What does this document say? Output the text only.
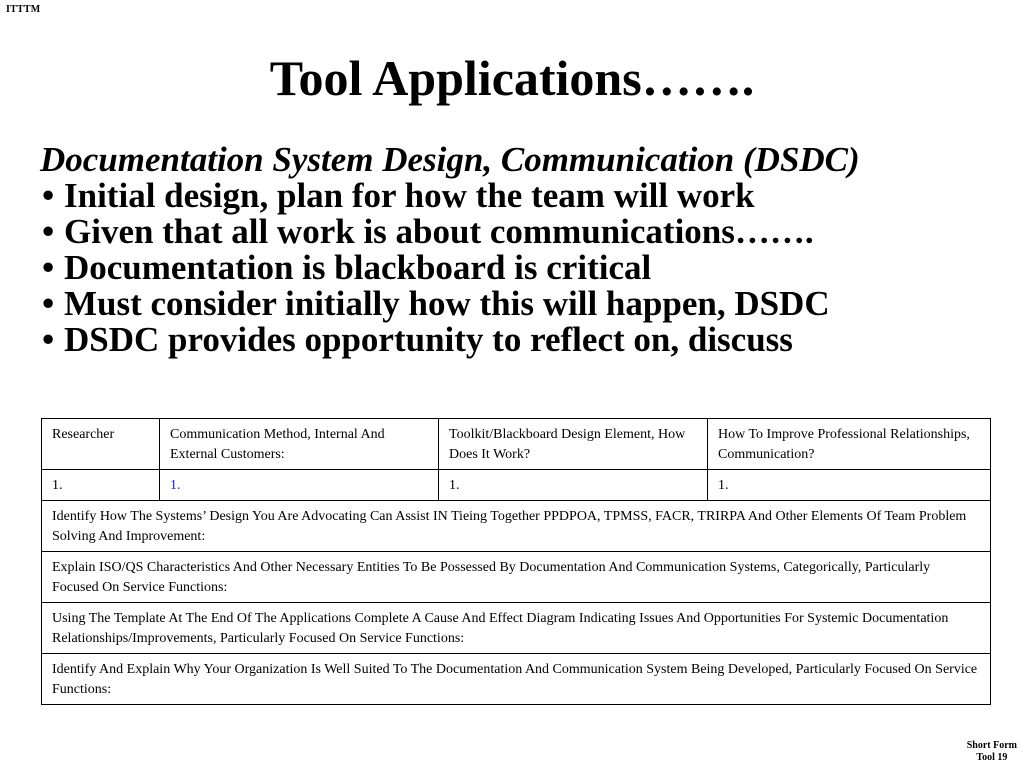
ITTTM
Tool Applications…….
Documentation System Design, Communication (DSDC)
• Initial design, plan for how the team will work
• Given that all work is about communications…….
• Documentation is blackboard is critical
• Must consider initially how this will happen, DSDC
• DSDC provides opportunity to reflect on, discuss
Researcher	Communication Method, Internal And External Customers:	Toolkit/Blackboard Design Element, How Does It Work?	How To Improve Professional Relationships, Communication?
1.	1.	1.	1.
Identify How The Systems’ Design You Are Advocating Can Assist IN Tieing Together PPDPOA, TPMSS, FACR, TRIRPA And Other Elements Of Team Problem Solving And Improvement:			
Explain ISO/QS Characteristics And Other Necessary Entities To Be Possessed By Documentation And Communication Systems, Categorically, Particularly Focused On Service Functions:			
Using The Template At The End Of The Applications Complete A Cause And Effect Diagram Indicating Issues And Opportunities For Systemic Documentation Relationships/Improvements, Particularly Focused On Service Functions:			
Identify And Explain Why Your Organization Is Well Suited To The Documentation And Communication System Being Developed, Particularly Focused On Service Functions:			
Short Form
Tool 19
